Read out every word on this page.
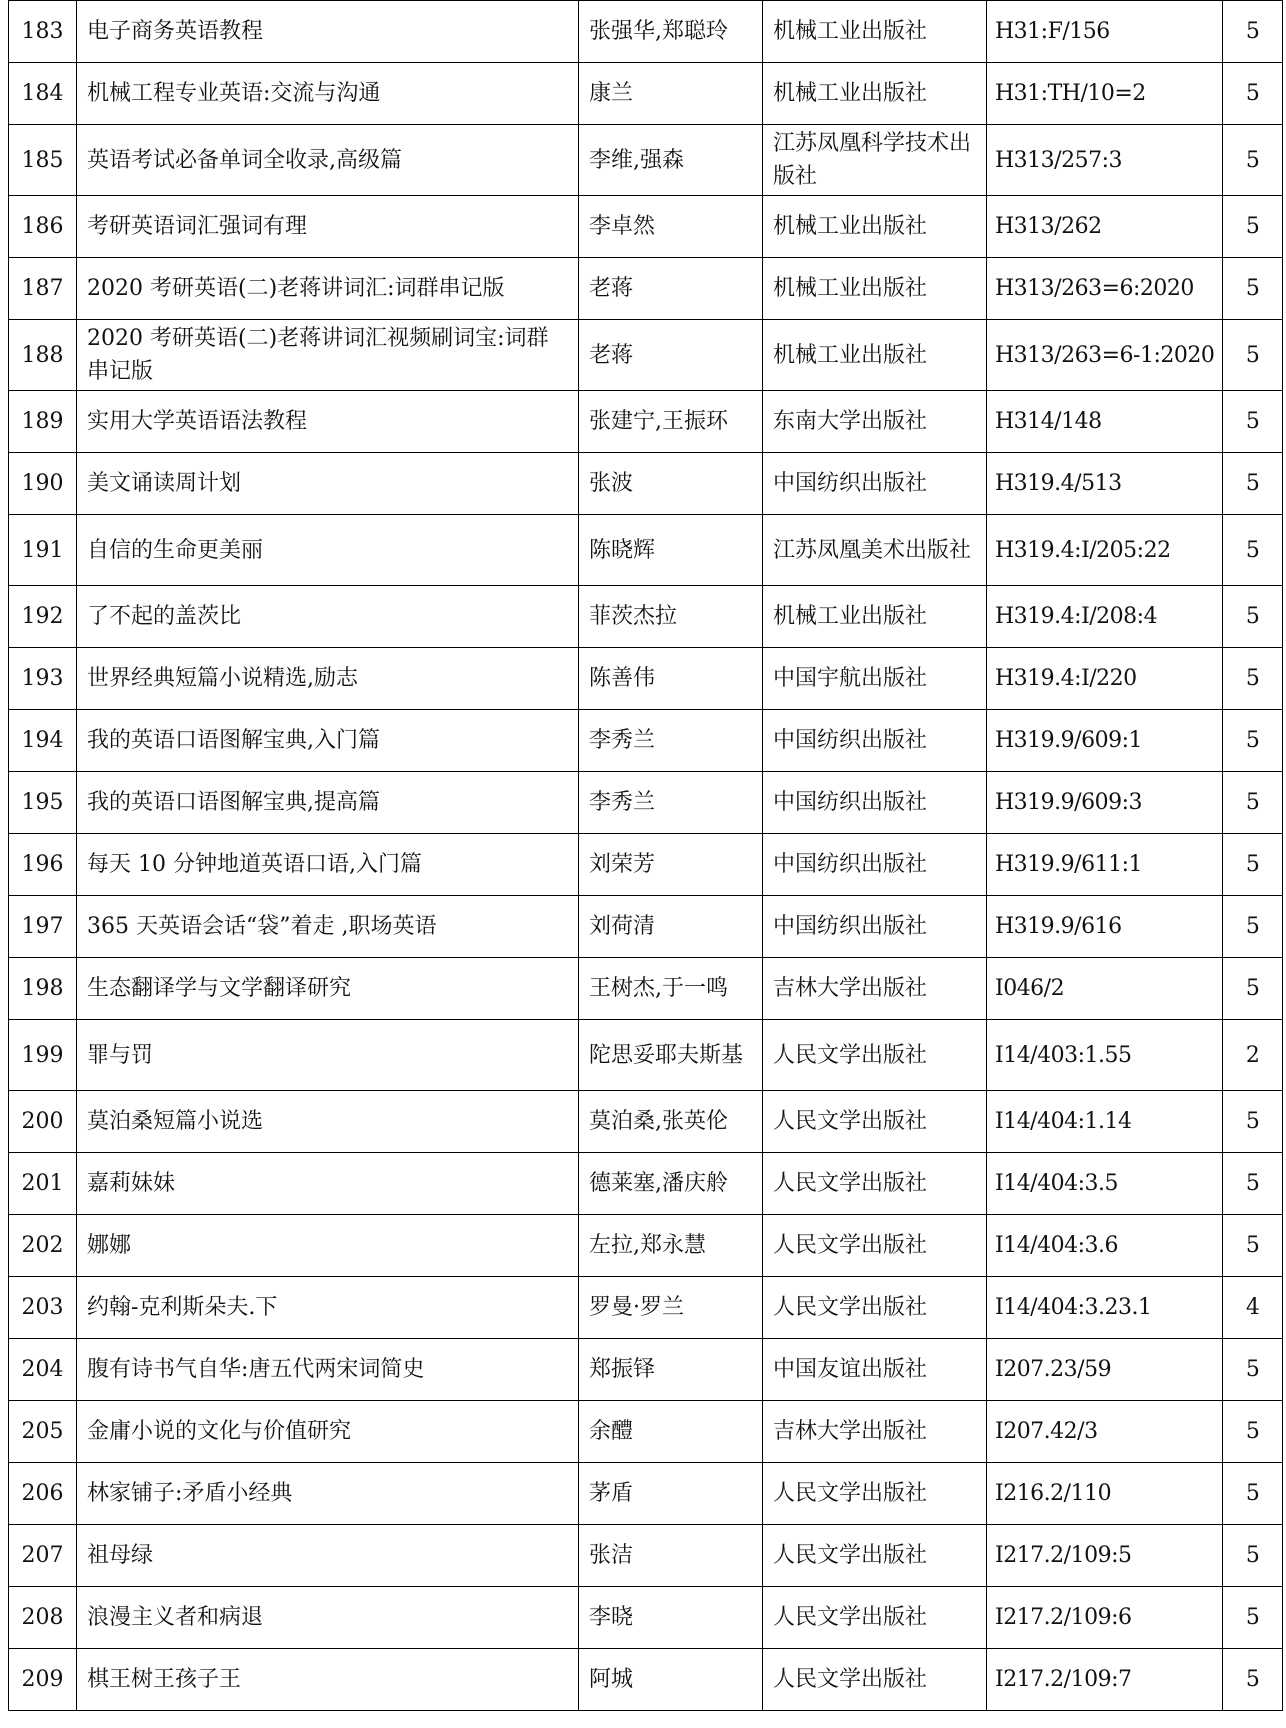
183	电子商务英语教程	张强华,郑聪玲	机械工业出版社	H31:F/156	5
184	机械工程专业英语:交流与沟通	康兰	机械工业出版社	H31:TH/10=2	5
185	英语考试必备单词全收录,高级篇	李维,强森	江苏凤凰科学技术出版社	H313/257:3	5
186	考研英语词汇强词有理	李卓然	机械工业出版社	H313/262	5
187	2020 考研英语(二)老蒋讲词汇:词群串记版	老蒋	机械工业出版社	H313/263=6:2020	5
188	2020 考研英语(二)老蒋讲词汇视频刷词宝:词群串记版	老蒋	机械工业出版社	H313/263=6-1:2020	5
189	实用大学英语语法教程	张建宁,王振环	东南大学出版社	H314/148	5
190	美文诵读周计划	张波	中国纺织出版社	H319.4/513	5
191	自信的生命更美丽	陈晓辉	江苏凤凰美术出版社	H319.4:I/205:22	5
192	了不起的盖茨比	菲茨杰拉	机械工业出版社	H319.4:I/208:4	5
193	世界经典短篇小说精选,励志	陈善伟	中国宇航出版社	H319.4:I/220	5
194	我的英语口语图解宝典,入门篇	李秀兰	中国纺织出版社	H319.9/609:1	5
195	我的英语口语图解宝典,提高篇	李秀兰	中国纺织出版社	H319.9/609:3	5
196	每天 10 分钟地道英语口语,入门篇	刘荣芳	中国纺织出版社	H319.9/611:1	5
197	365 天英语会话“袋”着走 ,职场英语	刘荷清	中国纺织出版社	H319.9/616	5
198	生态翻译学与文学翻译研究	王树杰,于一鸣	吉林大学出版社	I046/2	5
199	罪与罚	陀思妥耶夫斯基	人民文学出版社	I14/403:1.55	2
200	莫泊桑短篇小说选	莫泊桑,张英伦	人民文学出版社	I14/404:1.14	5
201	嘉莉妹妹	德莱塞,潘庆舲	人民文学出版社	I14/404:3.5	5
202	娜娜	左拉,郑永慧	人民文学出版社	I14/404:3.6	5
203	约翰-克利斯朵夫.下	罗曼·罗兰	人民文学出版社	I14/404:3.23.1	4
204	腹有诗书气自华:唐五代两宋词简史	郑振铎	中国友谊出版社	I207.23/59	5
205	金庸小说的文化与价值研究	余醴	吉林大学出版社	I207.42/3	5
206	林家铺子:矛盾小经典	茅盾	人民文学出版社	I216.2/110	5
207	祖母绿	张洁	人民文学出版社	I217.2/109:5	5
208	浪漫主义者和病退	李晓	人民文学出版社	I217.2/109:6	5
209	棋王树王孩子王	阿城	人民文学出版社	I217.2/109:7	5
